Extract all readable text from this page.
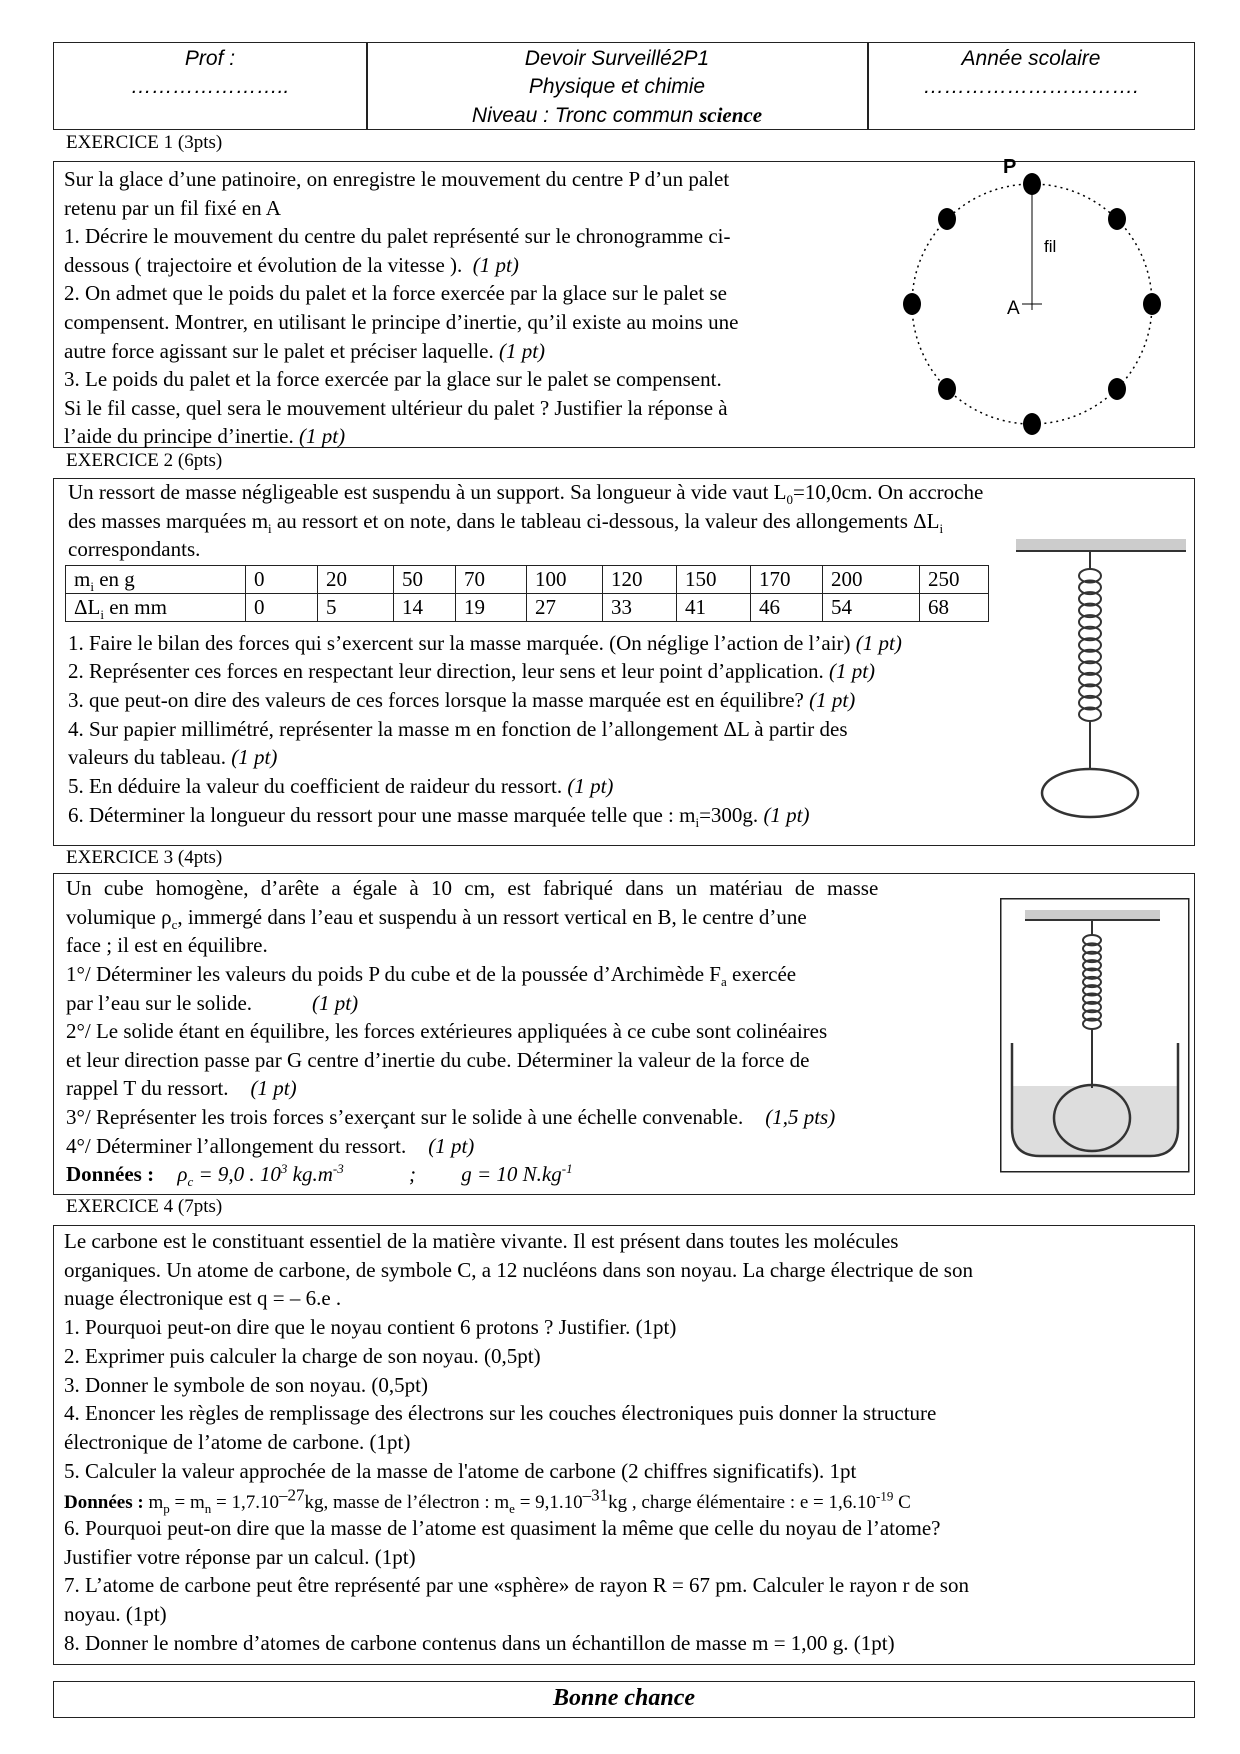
Prof :
…………………..
Devoir Surveillé2P1
Physique et chimie
Niveau : Tronc commun science
Année scolaire
………………………….
EXERCICE 1 (3pts)
Sur la glace d’une patinoire, on enregistre le mouvement du centre P d’un palet
retenu par un fil fixé en A
1. Décrire le mouvement du centre du palet représenté sur le chronogramme ci-
dessous ( trajectoire et évolution de la vitesse ). (1 pt)
2. On admet que le poids du palet et la force exercée par la glace sur le palet se
compensent. Montrer, en utilisant le principe d’inertie, qu’il existe au moins une
autre force agissant sur le palet et préciser laquelle. (1 pt)
3. Le poids du palet et la force exercée par la glace sur le palet se compensent.
Si le fil casse, quel sera le mouvement ultérieur du palet ? Justifier la réponse à
l’aide du principe d’inertie. (1 pt)
P
A
fil
EXERCICE 2 (6pts)
Un ressort de masse négligeable est suspendu à un support. Sa longueur à vide vaut $L_0=10,0cm$. On accroche
des masses marquées $m_i$ au ressort et on note, dans le tableau ci-dessous, la valeur des allongements $\Delta L_i$
correspondants.
$m_i$ en g	0	20	50	70	100	120	150	170	200	250
$\Delta L_i$ en mm	0	5	14	19	27	33	41	46	54	68
1. Faire le bilan des forces qui s’exercent sur la masse marquée. (On néglige l’action de l’air) (1 pt)
2. Représenter ces forces en respectant leur direction, leur sens et leur point d’application. (1 pt)
3. que peut-on dire des valeurs de ces forces lorsque la masse marquée est en équilibre? (1 pt)
4. Sur papier millimétré, représenter la masse m en fonction de l’allongement ΔL à partir des
valeurs du tableau. (1 pt)
5. En déduire la valeur du coefficient de raideur du ressort. (1 pt)
6. Déterminer la longueur du ressort pour une masse marquée telle que : $m_i=300g$. (1 pt)
EXERCICE 3 (4pts)
Un cube homogène, d’arête a égale à 10 cm, est fabriqué dans un matériau de masse
volumique $\rho_c$, immergé dans l’eau et suspendu à un ressort vertical en B, le centre d’une
face ; il est en équilibre.
1°/ Déterminer les valeurs du poids P du cube et de la poussée d’Archimède $F_a$ exercée
par l’eau sur le solide.	(1 pt)
2°/ Le solide étant en équilibre, les forces extérieures appliquées à ce cube sont colinéaires
et leur direction passe par G centre d’inertie du cube. Déterminer la valeur de la force de
rappel T du ressort. (1 pt)
3°/ Représenter les trois forces s’exerçant sur le solide à une échelle convenable. (1,5 pts)
4°/ Déterminer l’allongement du ressort. (1 pt)
Données : $\rho_c = 9,0$ . $10^3$ $kg.m^{-3}$	; g = 10 $N.kg^{-1}$
EXERCICE 4 (7pts)
Le carbone est le constituant essentiel de la matière vivante. Il est présent dans toutes les molécules
organiques. Un atome de carbone, de symbole C, a 12 nucléons dans son noyau. La charge électrique de son
nuage électronique est q = – 6.e .
1. Pourquoi peut-on dire que le noyau contient 6 protons ? Justifier. (1pt)
2. Exprimer puis calculer la charge de son noyau. (0,5pt)
3. Donner le symbole de son noyau. (0,5pt)
4. Enoncer les règles de remplissage des électrons sur les couches électroniques puis donner la structure
électronique de l’atome de carbone. (1pt)
5. Calculer la valeur approchée de la masse de l'atome de carbone (2 chiffres significatifs). 1pt
Données : $m_p = m_n = 1,7.10^{-27}kg$, masse de l’électron : $m_e = 9,1.10^{-31}kg$ , charge élémentaire : $e = 1,6.10^{-19}$ C
6. Pourquoi peut-on dire que la masse de l’atome est quasiment la même que celle du noyau de l’atome?
Justifier votre réponse par un calcul. (1pt)
7. L’atome de carbone peut être représenté par une «sphère» de rayon R = 67 pm. Calculer le rayon r de son
noyau. (1pt)
8. Donner le nombre d’atomes de carbone contenus dans un échantillon de masse m = 1,00 g. (1pt)
Bonne chance
